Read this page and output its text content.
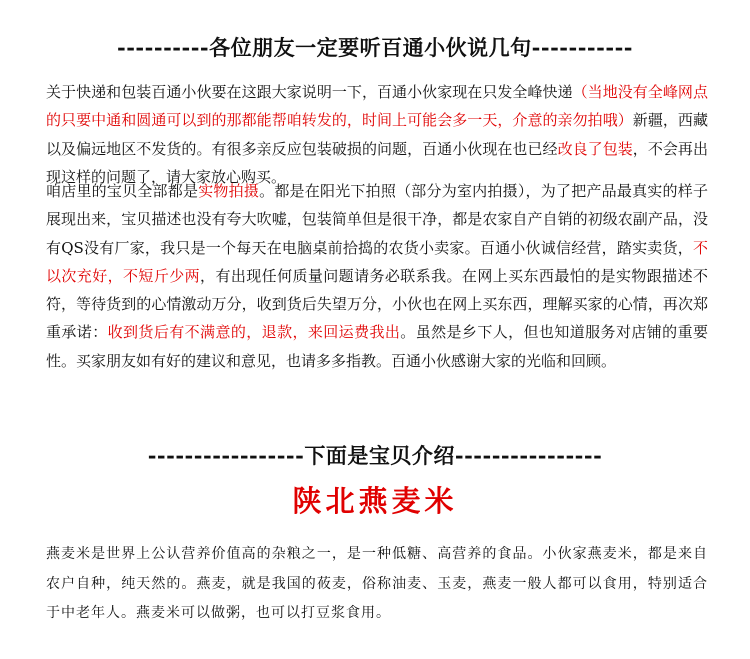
----------各位朋友一定要听百通小伙说几句-----------

关于快递和包装百通小伙要在这跟大家说明一下，百通小伙家现在只发全峰快递（当地没有全峰网点的只要中通和圆通可以到的那都能帮咱转发的，时间上可能会多一天，介意的亲勿拍哦）新疆，西藏以及偏远地区不发货的。有很多亲反应包装破损的问题，百通小伙现在也已经改良了包装，不会再出现这样的问题了，请大家放心购买。

咱店里的宝贝全部都是实物拍摄。都是在阳光下拍照（部分为室内拍摄），为了把产品最真实的样子展现出来，宝贝描述也没有夸大吹嘘，包装简单但是很干净，都是农家自产自销的初级农副产品，没有QS没有厂家，我只是一个每天在电脑桌前拾捣的农货小卖家。百通小伙诚信经营，踏实卖货，不以次充好，不短斤少两，有出现任何质量问题请务必联系我。在网上买东西最怕的是实物跟描述不符，等待货到的心情激动万分，收到货后失望万分，小伙也在网上买东西，理解买家的心情，再次郑重承诺：收到货后有不满意的，退款，来回运费我出。虽然是乡下人，但也知道服务对店铺的重要性。买家朋友如有好的建议和意见，也请多多指教。百通小伙感谢大家的光临和回顾。

-----------------下面是宝贝介绍----------------
陕北燕麦米

燕麦米是世界上公认营养价值高的杂粮之一，是一种低糖、高营养的食品。小伙家燕麦米，都是来自农户自种，纯天然的。燕麦，就是我国的莜麦，俗称油麦、玉麦，燕麦一般人都可以食用，特别适合于中老年人。燕麦米可以做粥，也可以打豆浆食用。
